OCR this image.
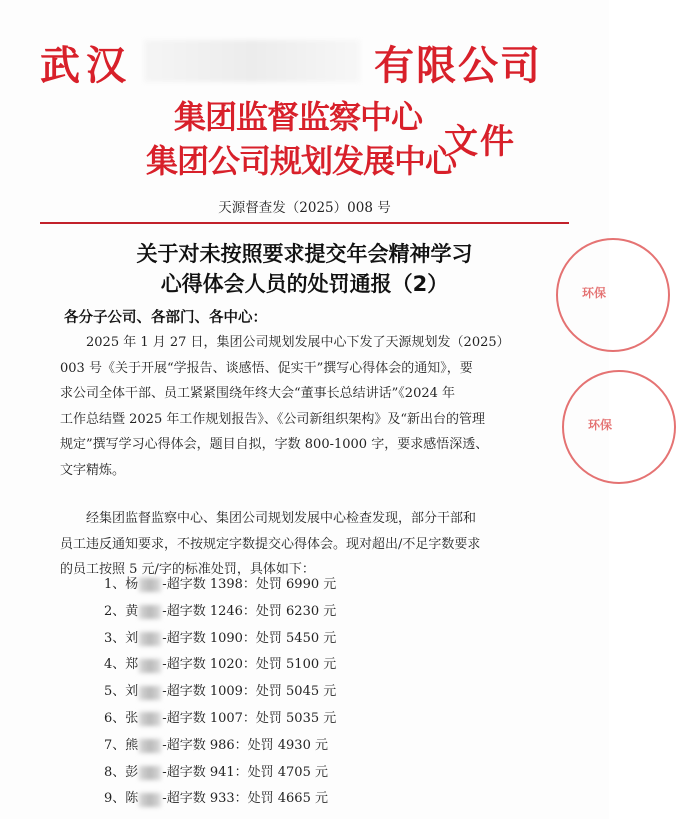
武汉	有限公司
集团监督监察中心
集团公司规划发展中心
文件
天源督查发（2025）008 号
关于对未按照要求提交年会精神学习
心得体会人员的处罚通报（2）
各分子公司、各部门、各中心：
2025 年 1 月 27 日，集团公司规划发展中心下发了天源规划发（2025）
003 号《关于开展“学报告、谈感悟、促实干”撰写心得体会的通知》，要
求公司全体干部、员工紧紧围绕年终大会“董事长总结讲话”《2024 年
工作总结暨 2025 年工作规划报告》、《公司新组织架构》及“新出台的管理
规定”撰写学习心得体会，题目自拟，字数 800-1000 字，要求感悟深透、
文字精炼。
经集团监督监察中心、集团公司规划发展中心检查发现，部分干部和
员工违反通知要求，不按规定字数提交心得体会。现对超出/不足字数要求
的员工按照 5 元/字的标准处罚，具体如下：
1、杨 -超字数 1398：处罚 6990 元
2、黄 -超字数 1246：处罚 6230 元
3、刘 -超字数 1090：处罚 5450 元
4、郑 -超字数 1020：处罚 5100 元
5、刘 -超字数 1009：处罚 5045 元
6、张 -超字数 1007：处罚 5035 元
7、熊 -超字数 986：处罚 4930 元
8、彭 -超字数 941：处罚 4705 元
9、陈 -超字数 933：处罚 4665 元
环保
环保
